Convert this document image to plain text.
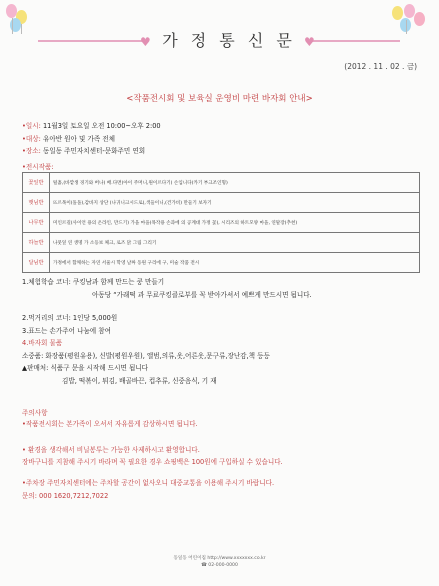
♥	♥
가 정 통 신 문
(2012 . 11 . 02 . 금)
<작품전시회 및 보육실 운영비 마련 바자회 안내>
•일시: 11월3일 토요일 오전 10:00~오후 2:00
•대상: 유아반 원아 및 가족 전체
•장소: 동일동 주민자치센터-문화주민 연회
•전시작품:
꽃잎반	털흙,(바깥생 경기와 버나) 배.다면(아이 주머니,원이르다기) 손입니다(카기 부크조인형)
햇님반	뜨르목이(돌돌),감바지 상단 (나귀니크시드로),색들이니,(건가비) 만들기 보자기
나무반	미인르길(사이언 용의 온라인, 만드기) 가을 마을(목작용 손과에 의 공계대 가정 꽃), 시리즈의 하트모양 마을, 연말장(추천)
하늘반	나뭇잎 연 생명 가 소등보 체크, 로즈 닭 그림 그리기
달님반	가정에서 함께하는 자연 서울시 학영 날짜 동원 구리에 구, 미술 작품 전시
1.체험학습 코너: 쿠킹남과 함께 만드는 쿵 만들기
아동당 “가래떡 과 무료쿠킹클로부를 꼭 받아가셔서 예쁘게 만드시면 됩니다.
2.먹거리의 코너: 1인당 5,000원
3.표드는 손가주어 나눔에 참여
4.바자회 물품
소중품: 화장품(평원유용), 신발(평원우원), 앨범,의류,옷,어른옷,문구류,장난감,책 등등
▲판매처: 식품구 문을 시작해 드시면 됩니다
김밥, 떡볶이, 튀김, 배골바끈, 컵추류, 신중음식, 기 재
주의사항
•작품전시회는 본가족이 오셔서 자유롭게 감상하시면 됩니다.
• 환경을 생각해서 비닐봉투는 가능한 사제하시고 환영합니다.
장바구니를 지참해 주시기 바라며 꼭 필요한 경우 쇼핑백은 100원에 구입하실 수 있습니다.
•주차장 주민자치센터에는 주차할 공간이 없사오니 대중교통을 이용해 주시기 바랍니다.
문의: 000 1620,7212,7022
동일동 어린이집 http://www.xxxxxxx.co.kr
☎ 02-000-0000
